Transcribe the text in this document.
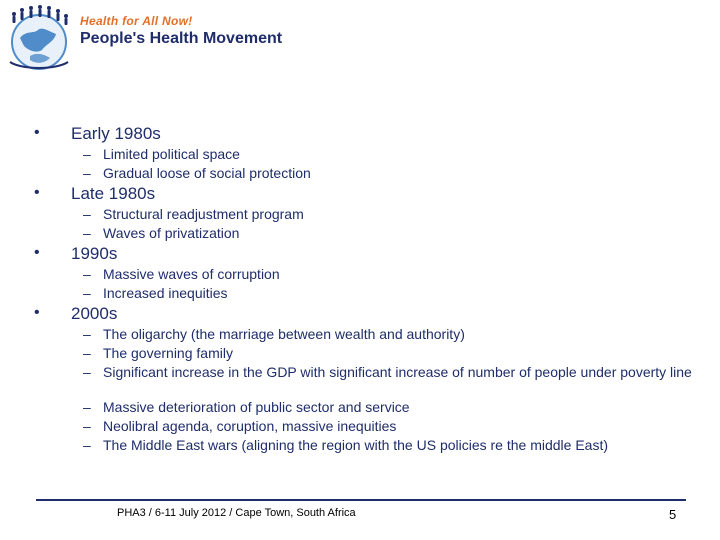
Health for All Now!
People's Health Movement
• Early 1980s
– Limited political space
– Gradual loose of social protection
• Late 1980s
– Structural readjustment program
– Waves of privatization
• 1990s
– Massive waves of corruption
– Increased inequities
• 2000s
– The oligarchy (the marriage between wealth and authority)
– The governing family
– Significant increase in the GDP with significant increase of number of people under poverty line
– Massive deterioration of public sector and service
– Neolibral agenda, coruption, massive inequities
– The Middle East wars (aligning the region with the US policies re the middle East)
PHA3 / 6-11 July 2012 / Cape Town, South Africa	5
